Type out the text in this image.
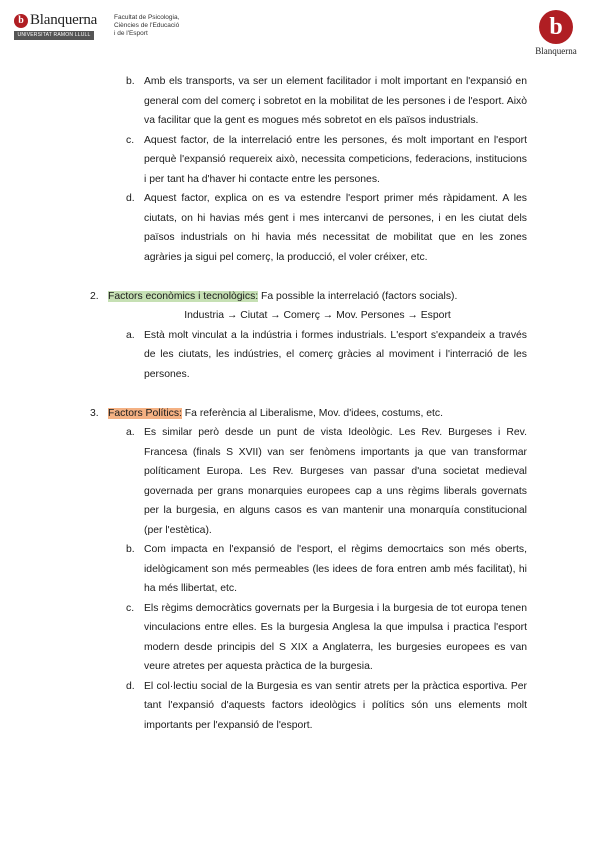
b Blanquerna
UNIVERSITAT RAMON LLULL
Facultat de Psicologia,
Ciències de l'Educació
i de l'Esport	b
Blanquerna
b. Amb els transports, va ser un element facilitador i molt important en l'expansió en general com del comerç i sobretot en la mobilitat de les persones i de l'esport. Això va facilitar que la gent es mogues més sobretot en els països industrials.
c. Aquest factor, de la interrelació entre les persones, és molt important en l'esport perquè l'expansió requereix això, necessita competicions, federacions, institucions i per tant ha d'haver hi contacte entre les persones.
d. Aquest factor, explica on es va estendre l'esport primer més ràpidament. A les ciutats, on hi havias més gent i mes intercanvi de persones, i en les ciutat dels països industrials on hi havia més necessitat de mobilitat que en les zones agràries ja sigui pel comerç, la producció, el voler créixer, etc.
2. Factors econòmics i tecnològics: Fa possible la interrelació (factors socials).
Industria → Ciutat → Comerç → Mov. Persones → Esport
a. Està molt vinculat a la indústria i formes industrials. L'esport s'expandeix a través de les ciutats, les indústries, el comerç gràcies al moviment i l'interració de les persones.
3. Factors Polítics: Fa referència al Liberalisme, Mov. d'idees, costums, etc.
a. Es similar però desde un punt de vista Ideològic. Les Rev. Burgeses i Rev. Francesa (finals S XVII) van ser fenòmens importants ja que van transformar políticament Europa. Les Rev. Burgeses van passar d'una societat medieval governada per grans monarquies europees cap a uns règims liberals governats per la burgesia, en alguns casos es van mantenir una monarquía constitucional (per l'estètica).
b. Com impacta en l'expansió de l'esport, el règims democrtaics son més oberts, idelògicament son més permeables (les idees de fora entren amb més facilitat), hi ha més llibertat, etc.
c. Els règims democràtics governats per la Burgesia i la burgesia de tot europa tenen vinculacions entre elles. Es la burgesia Anglesa la que impulsa i practica l'esport modern desde principis del S XIX a Anglaterra, les burgesies europees es van veure atretes per aquesta pràctica de la burgesia.
d. El col·lectiu social de la Burgesia es van sentir atrets per la pràctica esportiva. Per tant l'expansió d'aquests factors ideològics i polítics són uns elements molt importants per l'expansió de l'esport.
